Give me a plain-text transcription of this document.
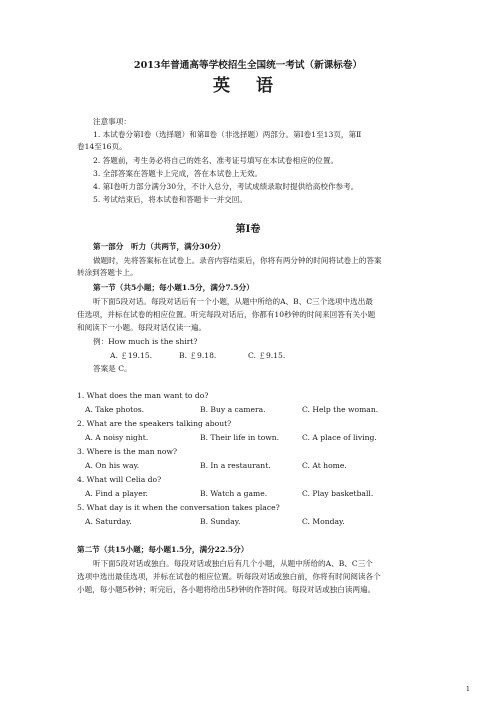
2013年普通高等学校招生全国统一考试（新课标卷）
英 语
注意事项：
1. 本试卷分第Ⅰ卷（选择题）和第Ⅱ卷（非选择题）两部分。第Ⅰ卷1至13页，第Ⅱ
卷14至16页。
2. 答题前，考生务必将自己的姓名、准考证号填写在本试卷相应的位置。
3. 全部答案在答题卡上完成，答在本试卷上无效。
4. 第Ⅰ卷听力部分满分30分，不计入总分，考试成绩录取时提供给高校作参考。
5. 考试结束后，将本试卷和答题卡一并交回。
第Ⅰ卷
第一部分　听力（共两节，满分30分）
做题时，先将答案标在试卷上。录音内容结束后，你将有两分钟的时间将试卷上的答案
转涂到答题卡上。
第一节（共5小题；每小题1.5分，满分7.5分）
听下面5段对话。每段对话后有一个小题，从题中所给的A、B、C三个选项中选出最
佳选项，并标在试卷的相应位置。听完每段对话后，你都有10秒钟的时间来回答有关小题
和阅读下一小题。每段对话仅读一遍。
例：How much is the shirt?
A. ￡19.15.	B. ￡9.18.	C. ￡9.15.
答案是 C。
1. What does the man want to do?
A. Take photos.	B. Buy a camera.	C. Help the woman.
2. What are the speakers talking about?
A. A noisy night.	B. Their life in town.	C. A place of living.
3. Where is the man now?
A. On his way.	B. In a restaurant.	C. At home.
4. What will Celia do?
A. Find a player.	B. Watch a game.	C. Play basketball.
5. What day is it when the conversation takes place?
A. Saturday.	B. Sunday.	C. Monday.
第二节（共15小题；每小题1.5分，满分22.5分）
听下面5段对话或独白。每段对话或独白后有几个小题，从题中所给的A、B、C三个
选项中选出最佳选项，并标在试卷的相应位置。听每段对话或独白前，你将有时间阅读各个
小题，每小题5秒钟；听完后，各小题将给出5秒钟的作答时间。每段对话或独白读两遍。
1
